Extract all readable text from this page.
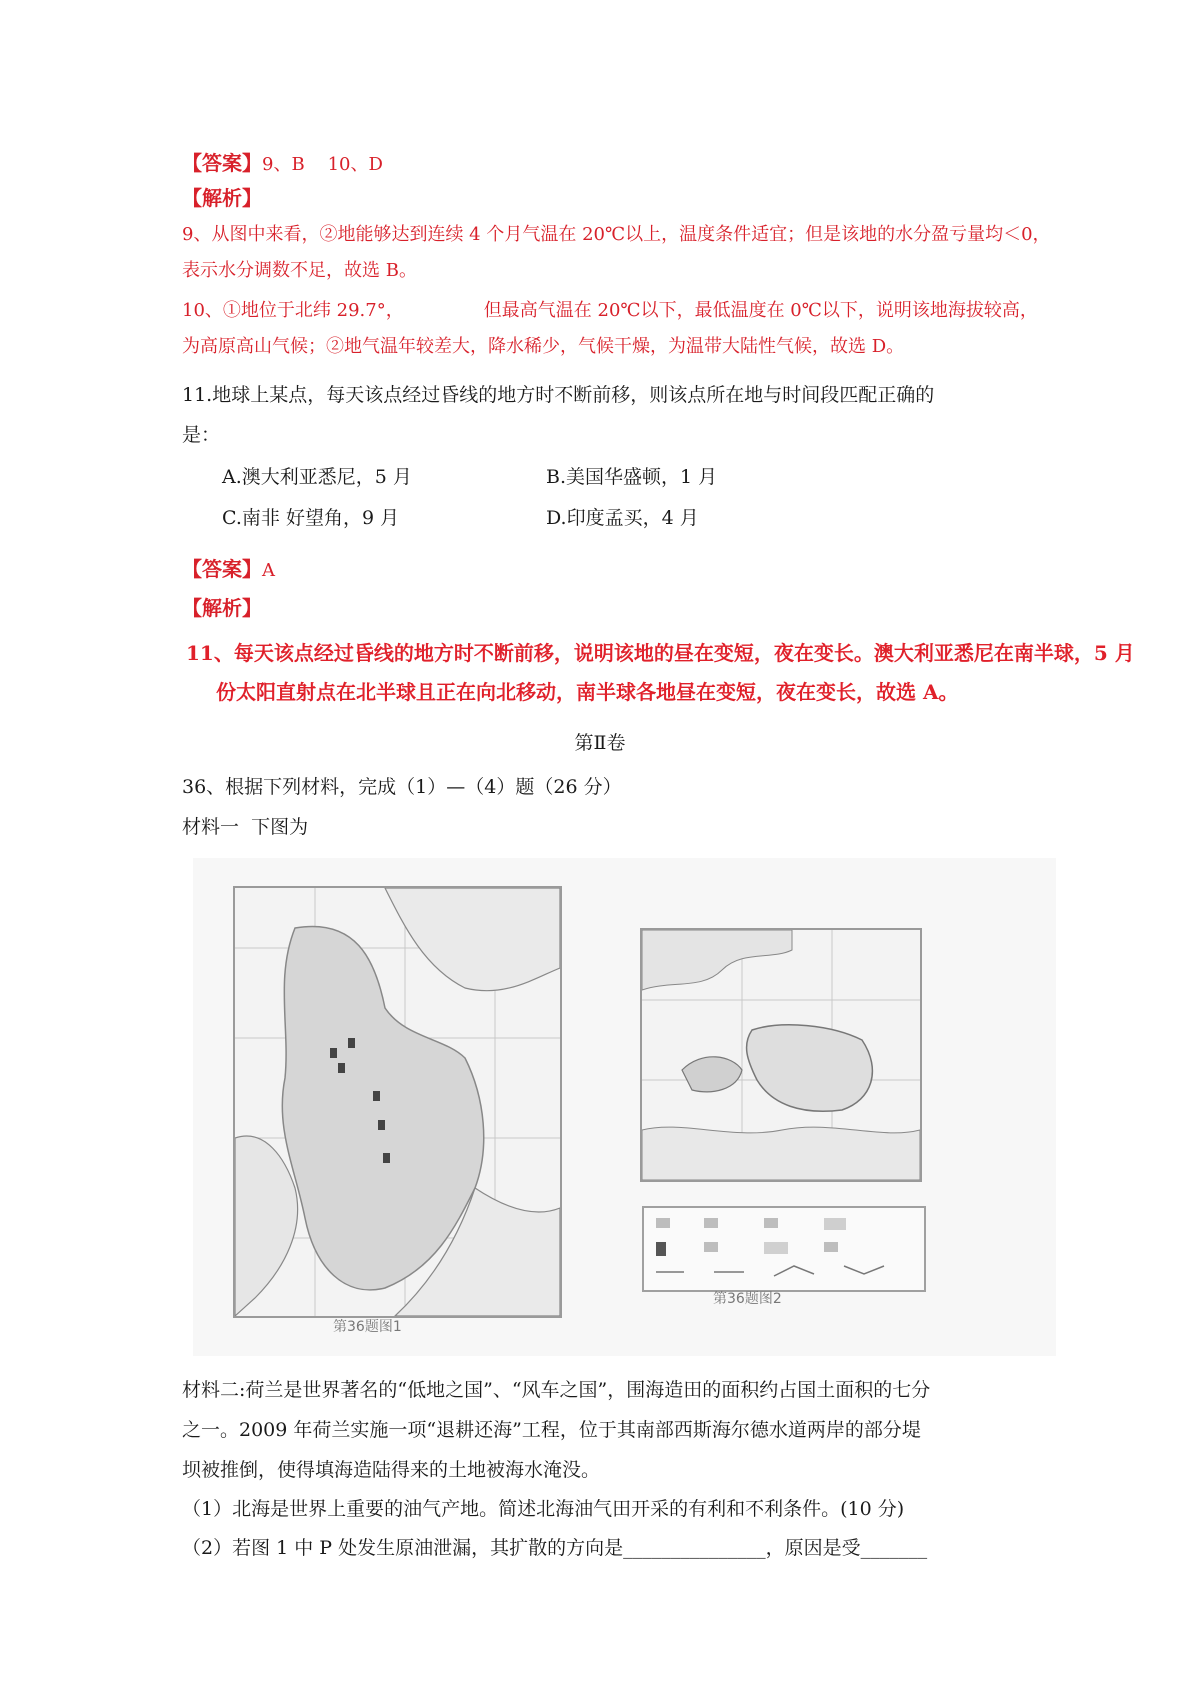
【答案】9、B    10、D
【解析】
9、从图中来看，②地能够达到连续 4 个月气温在 20℃以上，温度条件适宜；但是该地的水分盈亏量均＜0，
表示水分调数不足，故选 B。
10、①地位于北纬 29.7°，              但最高气温在 20℃以下，最低温度在 0℃以下，说明该地海拔较高，
为高原高山气候；②地气温年较差大，降水稀少，气候干燥，为温带大陆性气候，故选 D。
11.地球上某点，每天该点经过昏线的地方时不断前移，则该点所在地与时间段匹配正确的
是：
A.澳大利亚悉尼，5 月	B.美国华盛顿，1 月
C.南非 好望角，9 月	D.印度孟买，4 月
【答案】A
【解析】
11、每天该点经过昏线的地方时不断前移，说明该地的昼在变短，夜在变长。澳大利亚悉尼在南半球，5 月
份太阳直射点在北半球且正在向北移动，南半球各地昼在变短，夜在变长，故选 A。
第Ⅱ卷
36、根据下列材料，完成（1）—（4）题（26 分）
材料一  下图为
第36题图1
第36题图2
材料二:荷兰是世界著名的“低地之国”、“风车之国”，围海造田的面积约占国土面积的七分
之一。2009 年荷兰实施一项“退耕还海”工程，位于其南部西斯海尔德水道两岸的部分堤
坝被推倒，使得填海造陆得来的土地被海水淹没。
（1）北海是世界上重要的油气产地。简述北海油气田开采的有利和不利条件。(10 分)
（2）若图 1 中 P 处发生原油泄漏，其扩散的方向是_______________，原因是受_______
